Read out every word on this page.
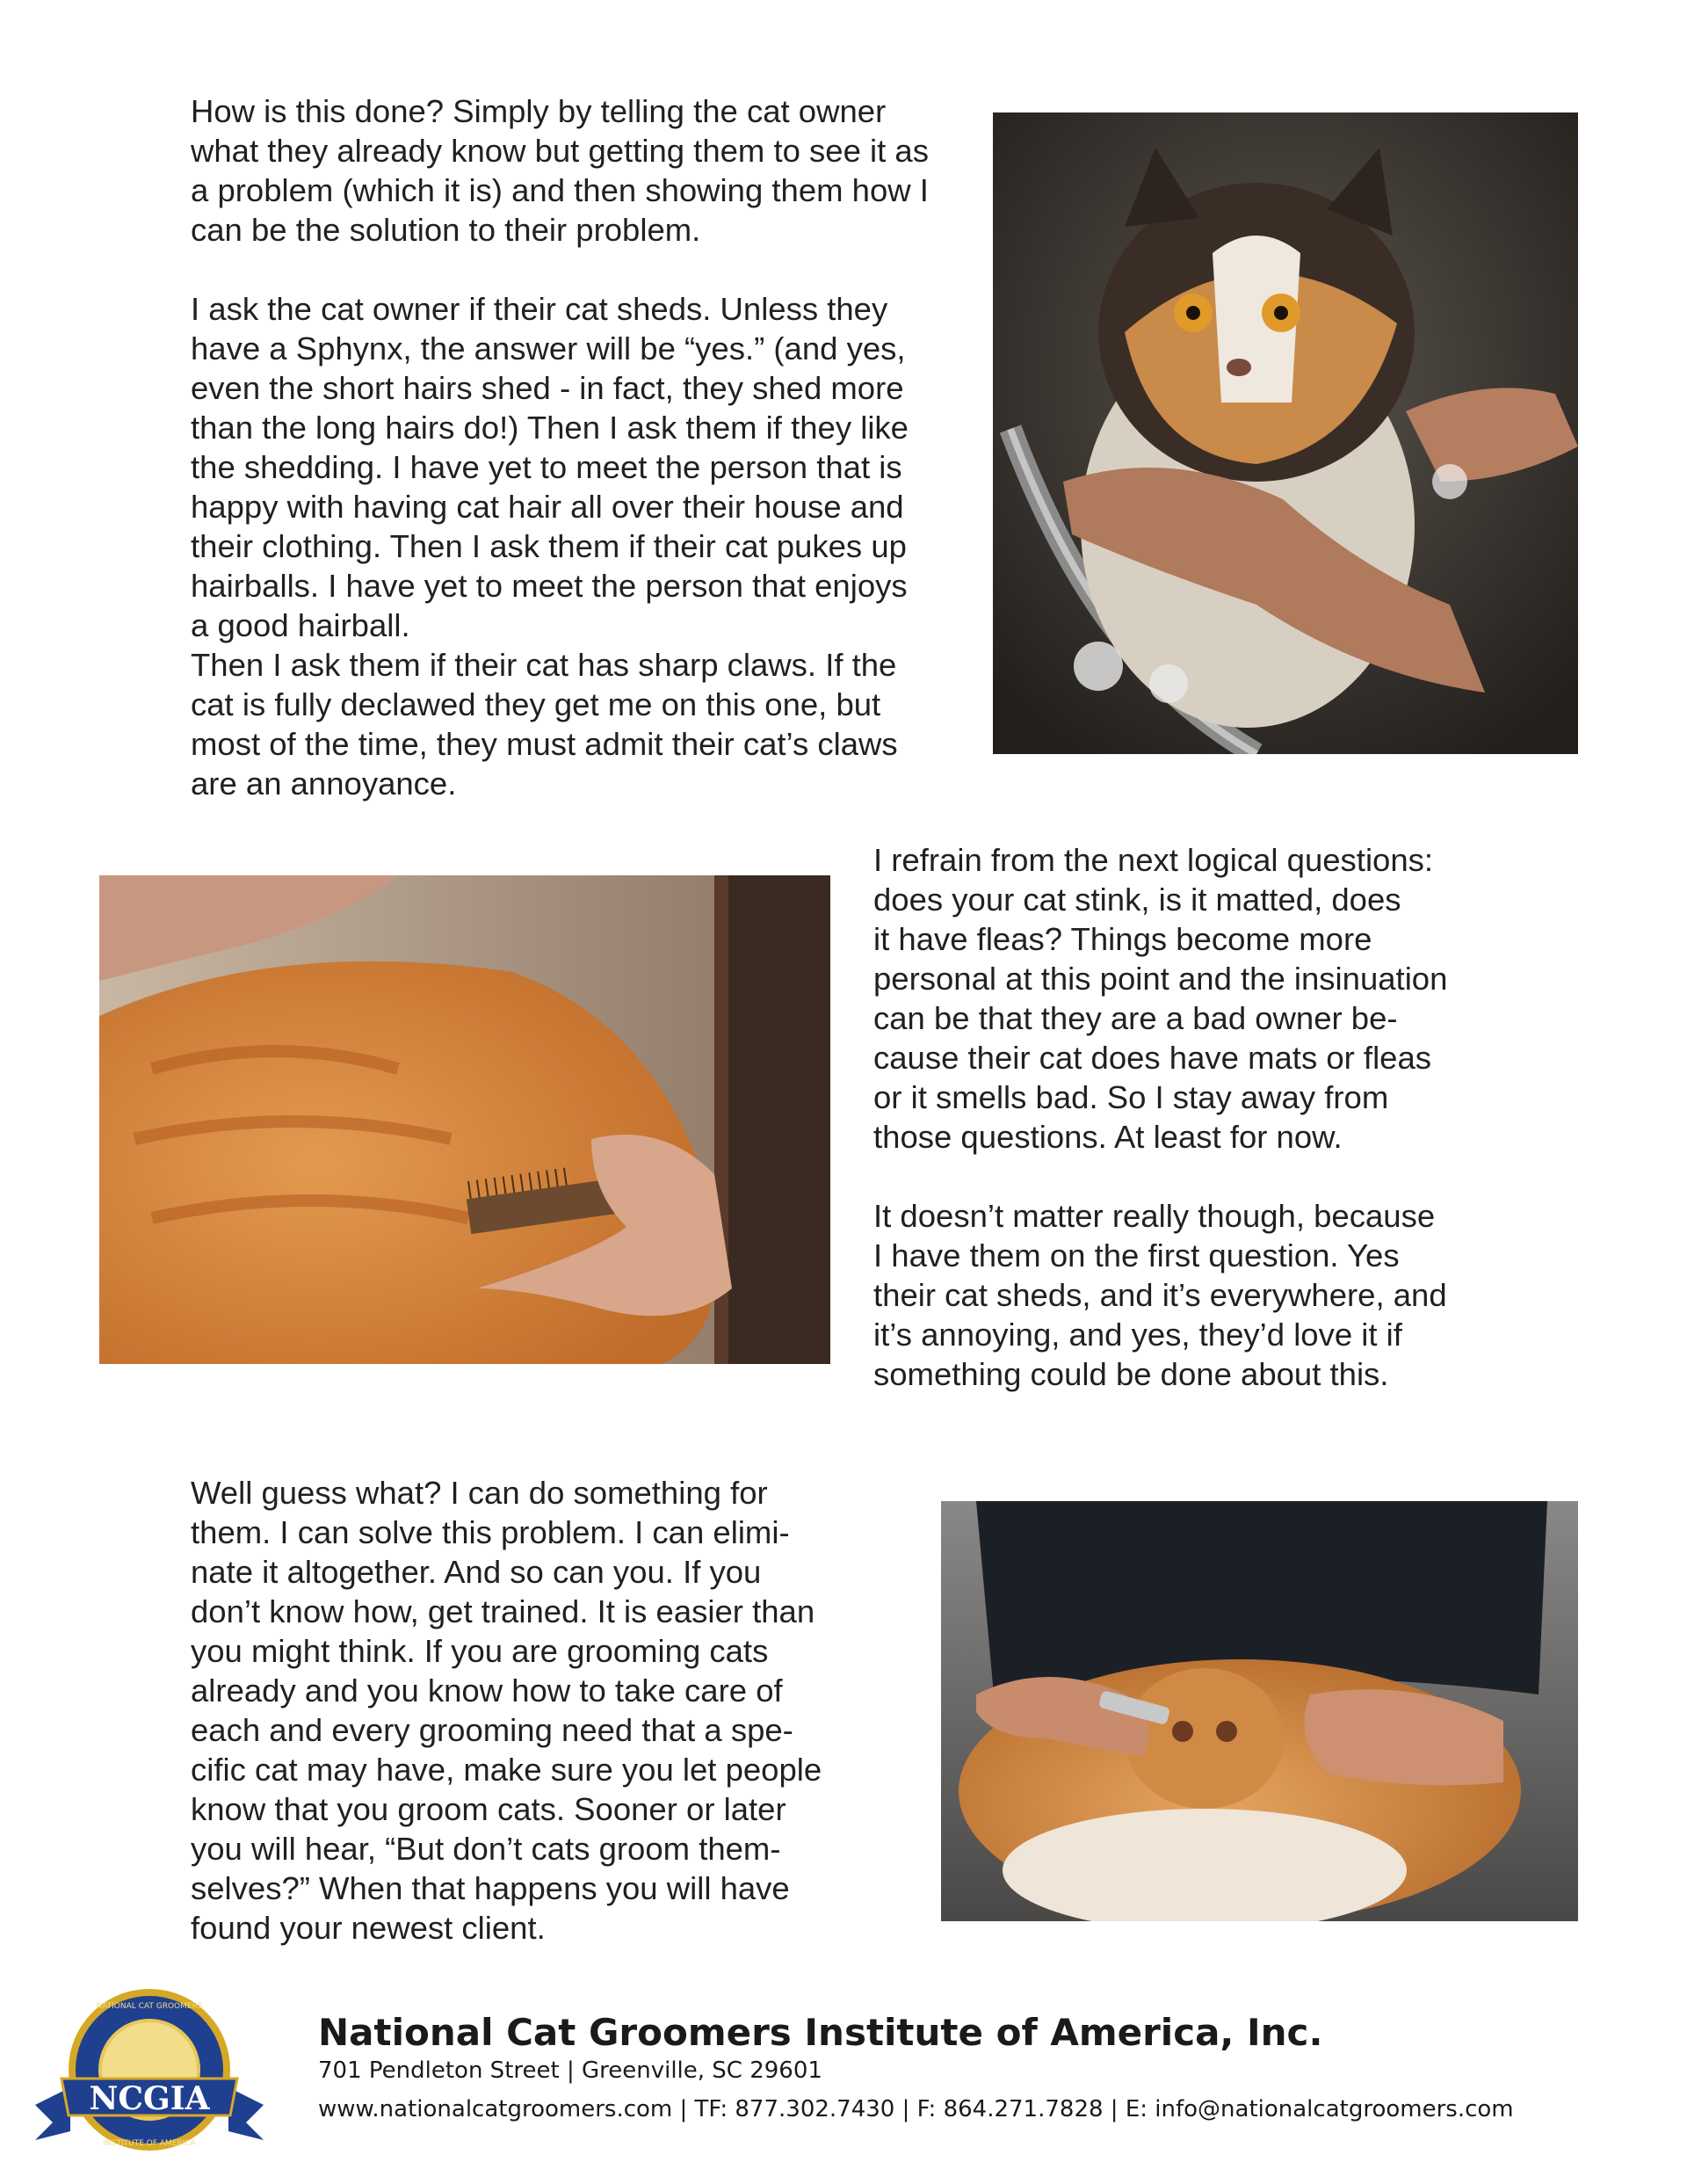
How is this done? Simply by telling the cat owner
what they already know but getting them to see it as
a problem (which it is) and then showing them how I
can be the solution to their problem.

I ask the cat owner if their cat sheds. Unless they
have a Sphynx, the answer will be “yes.” (and yes,
even the short hairs shed - in fact, they shed more
than the long hairs do!) Then I ask them if they like
the shedding. I have yet to meet the person that is
happy with having cat hair all over their house and
their clothing. Then I ask them if their cat pukes up
hairballs. I have yet to meet the person that enjoys
a good hairball.
Then I ask them if their cat has sharp claws. If the
cat is fully declawed they get me on this one, but
most of the time, they must admit their cat’s claws
are an annoyance.

I refrain from the next logical questions:
does your cat stink, is it matted, does
it have fleas? Things become more
personal at this point and the insinuation
can be that they are a bad owner be-
cause their cat does have mats or fleas
or it smells bad. So I stay away from
those questions. At least for now.

It doesn’t matter really though, because
I have them on the first question. Yes
their cat sheds, and it’s everywhere, and
it’s annoying, and yes, they’d love it if
something could be done about this.

Well guess what? I can do something for
them. I can solve this problem. I can elimi-
nate it altogether. And so can you. If you
don’t know how, get trained. It is easier than
you might think. If you are grooming cats
already and you know how to take care of
each and every grooming need that a spe-
cific cat may have, make sure you let people
know that you groom cats. Sooner or later
you will hear, “But don’t cats groom them-
selves?” When that happens you will have
found your newest client.

NCGIA
NATIONAL CAT GROOMERS
INSTITUTE OF AMERICA
National Cat Groomers Institute of America, Inc.
701 Pendleton Street | Greenville, SC 29601
www.nationalcatgroomers.com | TF: 877.302.7430 | F: 864.271.7828 | E: info@nationalcatgroomers.com
